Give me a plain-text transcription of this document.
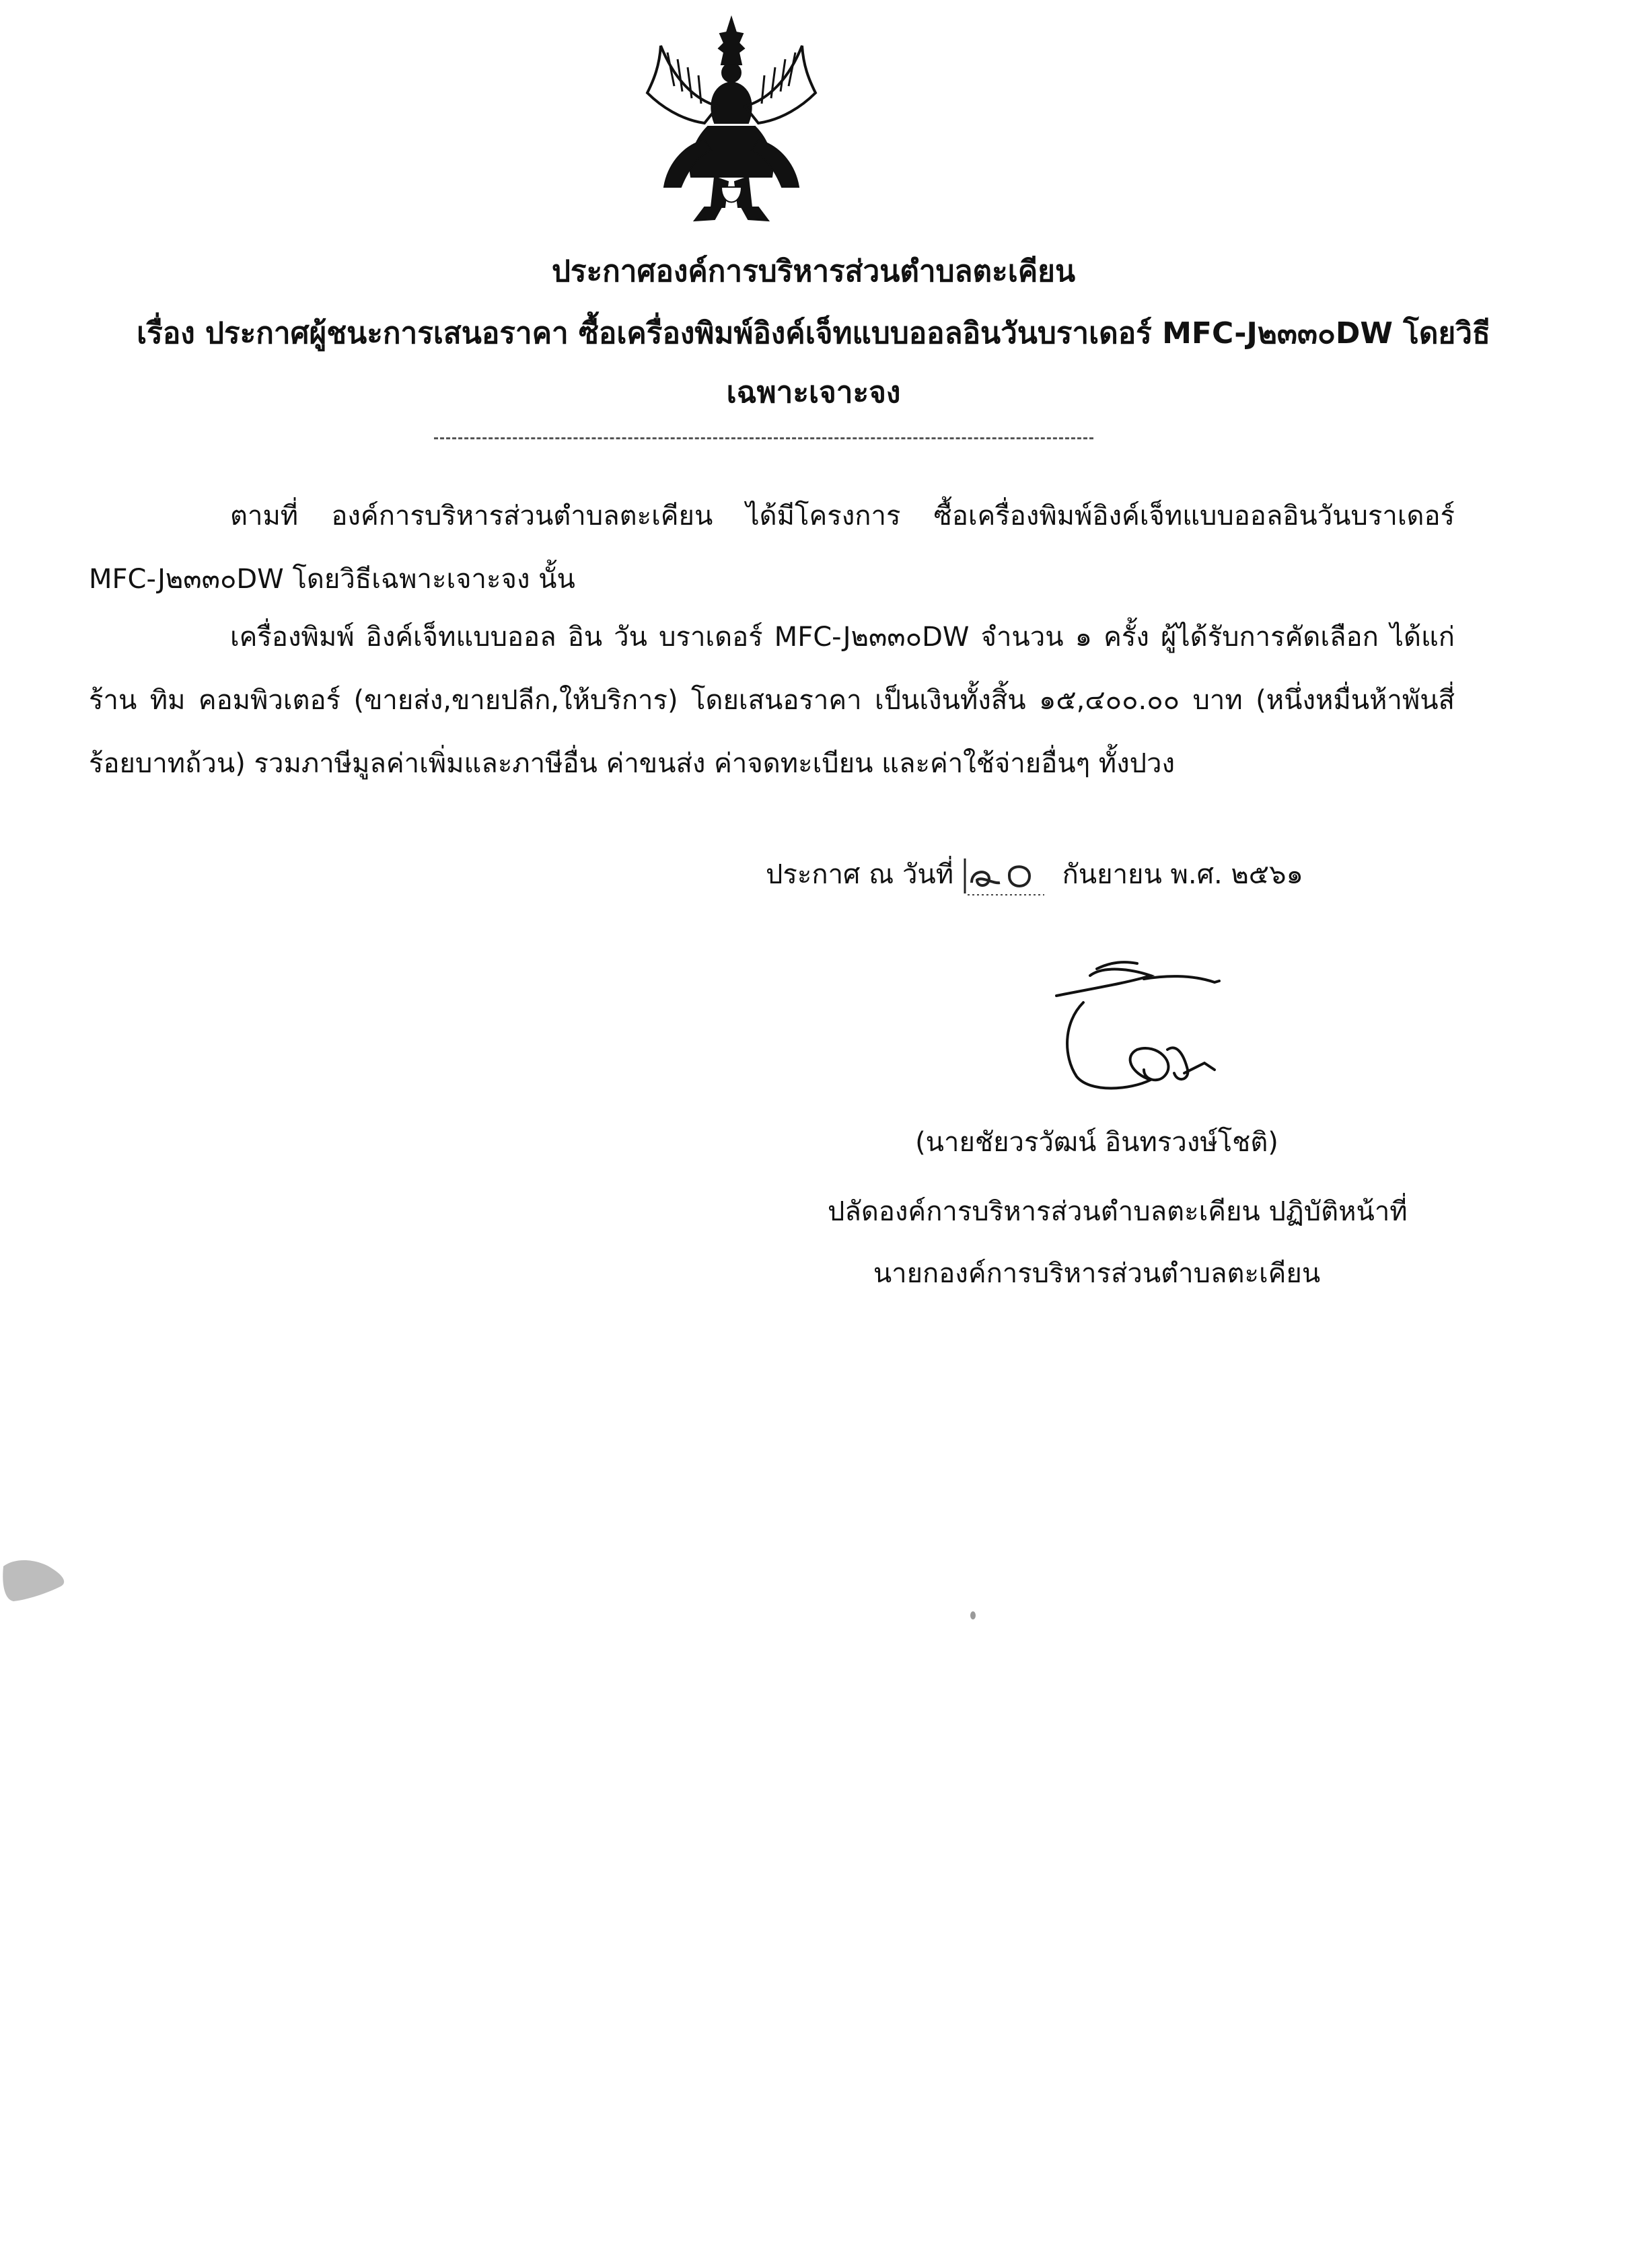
ประกาศองค์การบริหารส่วนตำบลตะเคียน
เรื่อง ประกาศผู้ชนะการเสนอราคา ซื้อเครื่องพิมพ์อิงค์เจ็ทแบบออลอินวันบราเดอร์ MFC-J๒๓๓๐DW โดยวิธี
เฉพาะเจาะจง
ตามที่ องค์การบริหารส่วนตำบลตะเคียน ได้มีโครงการ ซื้อเครื่องพิมพ์อิงค์เจ็ทแบบออลอินวันบราเดอร์ MFC-J๒๓๓๐DW โดยวิธีเฉพาะเจาะจง นั้น
เครื่องพิมพ์ อิงค์เจ็ทแบบออล อิน วัน บราเดอร์ MFC-J๒๓๓๐DW จำนวน ๑ ครั้ง ผู้ได้รับการคัดเลือก ได้แก่ ร้าน ทิม คอมพิวเตอร์ (ขายส่ง,ขายปลีก,ให้บริการ) โดยเสนอราคา เป็นเงินทั้งสิ้น ๑๕,๔๐๐.๐๐ บาท (หนึ่งหมื่นห้าพันสี่ร้อยบาทถ้วน) รวมภาษีมูลค่าเพิ่มและภาษีอื่น ค่าขนส่ง ค่าจดทะเบียน และค่าใช้จ่ายอื่นๆ ทั้งปวง
ประกาศ ณ วันที่	กันยายน พ.ศ. ๒๕๖๑
(นายชัยวรวัฒน์ อินทรวงษ์โชติ)
ปลัดองค์การบริหารส่วนตำบลตะเคียน ปฏิบัติหน้าที่
นายกองค์การบริหารส่วนตำบลตะเคียน
